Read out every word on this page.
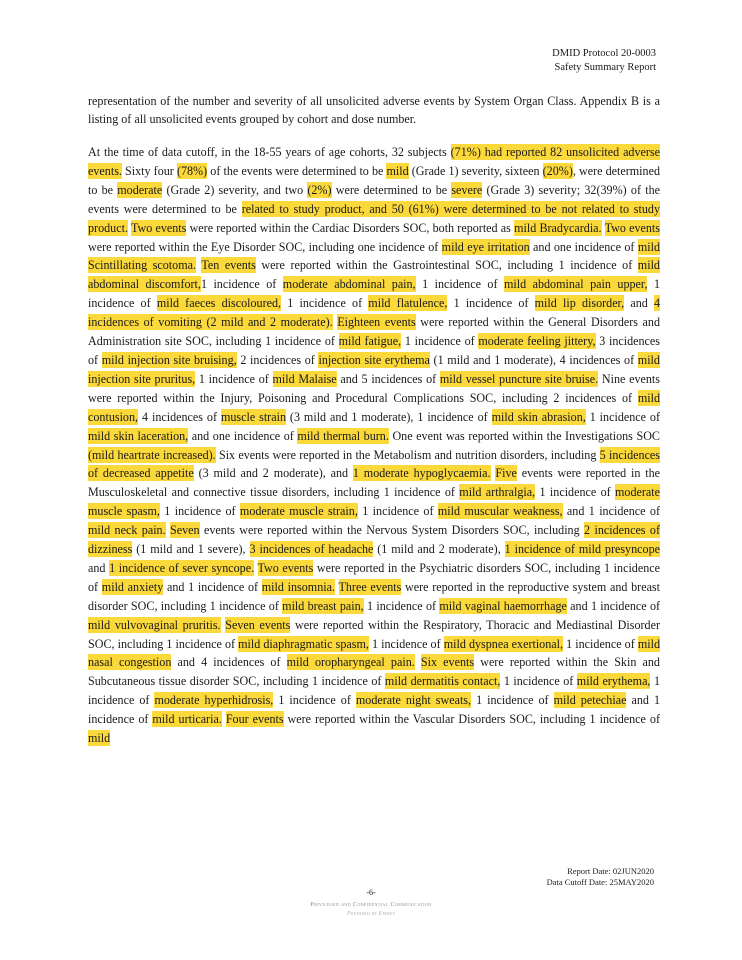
DMID Protocol 20-0003
Safety Summary Report

representation of the number and severity of all unsolicited adverse events by System Organ Class. Appendix B is a listing of all unsolicited events grouped by cohort and dose number.

At the time of data cutoff, in the 18-55 years of age cohorts, 32 subjects (71%) had reported 82 unsolicited adverse events. Sixty four (78%) of the events were determined to be mild (Grade 1) severity, sixteen (20%), were determined to be moderate (Grade 2) severity, and two (2%) were determined to be severe (Grade 3) severity; 32(39%) of the events were determined to be related to study product, and 50 (61%) were determined to be not related to study product. Two events were reported within the Cardiac Disorders SOC, both reported as mild Bradycardia. Two events were reported within the Eye Disorder SOC, including one incidence of mild eye irritation and one incidence of mild Scintillating scotoma. Ten events were reported within the Gastrointestinal SOC, including 1 incidence of mild abdominal discomfort,1 incidence of moderate abdominal pain, 1 incidence of mild abdominal pain upper, 1 incidence of mild faeces discoloured, 1 incidence of mild flatulence, 1 incidence of mild lip disorder, and 4 incidences of vomiting (2 mild and 2 moderate). Eighteen events were reported within the General Disorders and Administration site SOC, including 1 incidence of mild fatigue, 1 incidence of moderate feeling jittery, 3 incidences of mild injection site bruising, 2 incidences of injection site erythema (1 mild and 1 moderate), 4 incidences of mild injection site pruritus, 1 incidence of mild Malaise and 5 incidences of mild vessel puncture site bruise. Nine events were reported within the Injury, Poisoning and Procedural Complications SOC, including 2 incidences of mild contusion, 4 incidences of muscle strain (3 mild and 1 moderate), 1 incidence of mild skin abrasion, 1 incidence of mild skin laceration, and one incidence of mild thermal burn. One event was reported within the Investigations SOC (mild heartrate increased). Six events were reported in the Metabolism and nutrition disorders, including 5 incidences of decreased appetite (3 mild and 2 moderate), and 1 moderate hypoglycaemia. Five events were reported in the Musculoskeletal and connective tissue disorders, including 1 incidence of mild arthralgia, 1 incidence of moderate muscle spasm, 1 incidence of moderate muscle strain, 1 incidence of mild muscular weakness, and 1 incidence of mild neck pain. Seven events were reported within the Nervous System Disorders SOC, including 2 incidences of dizziness (1 mild and 1 severe), 3 incidences of headache (1 mild and 2 moderate), 1 incidence of mild presyncope and 1 incidence of sever syncope. Two events were reported in the Psychiatric disorders SOC, including 1 incidence of mild anxiety and 1 incidence of mild insomnia. Three events were reported in the reproductive system and breast disorder SOC, including 1 incidence of mild breast pain, 1 incidence of mild vaginal haemorrhage and 1 incidence of mild vulvovaginal pruritis. Seven events were reported within the Respiratory, Thoracic and Mediastinal Disorder SOC, including 1 incidence of mild diaphragmatic spasm, 1 incidence of mild dyspnea exertional, 1 incidence of mild nasal congestion and 4 incidences of mild oropharyngeal pain. Six events were reported within the Skin and Subcutaneous tissue disorder SOC, including 1 incidence of mild dermatitis contact, 1 incidence of mild erythema, 1 incidence of moderate hyperhidrosis, 1 incidence of moderate night sweats, 1 incidence of mild petechiae and 1 incidence of mild urticaria. Four events were reported within the Vascular Disorders SOC, including 1 incidence of mild

Report Date: 02JUN2020
Data Cutoff Date: 25MAY2020
-6-
Privileged and Confidential Communication
Prepared by Emmes
